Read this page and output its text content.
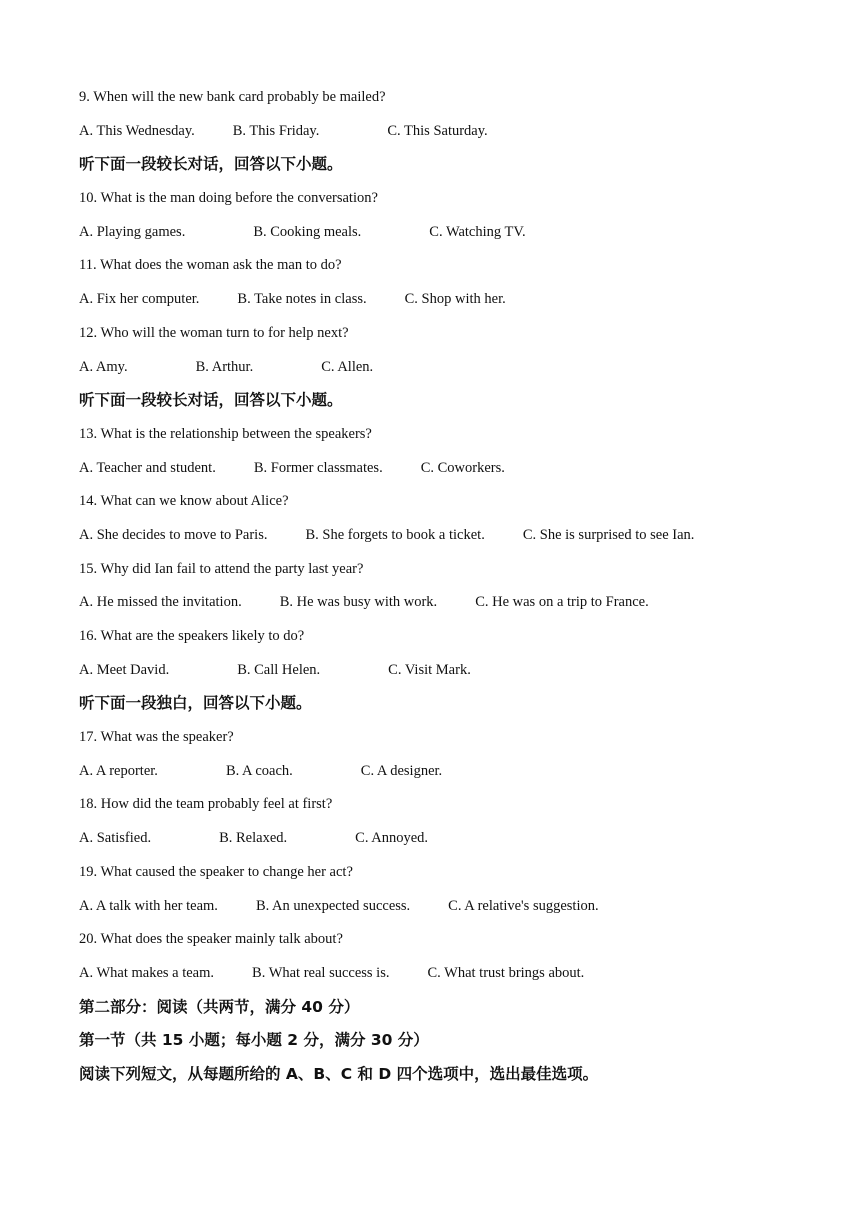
9. When will the new bank card probably be mailed?
A. This Wednesday.	B. This Friday.	C. This Saturday.
听下面一段较长对话，回答以下小题。
10. What is the man doing before the conversation?
A. Playing games.	B. Cooking meals.	C. Watching TV.
11. What does the woman ask the man to do?
A. Fix her computer.	B. Take notes in class.	C. Shop with her.
12. Who will the woman turn to for help next?
A. Amy.	B. Arthur.	C. Allen.
听下面一段较长对话，回答以下小题。
13. What is the relationship between the speakers?
A. Teacher and student.	B. Former classmates.	C. Coworkers.
14. What can we know about Alice?
A. She decides to move to Paris.	B. She forgets to book a ticket.	C. She is surprised to see Ian.
15. Why did Ian fail to attend the party last year?
A. He missed the invitation.	B. He was busy with work.	C. He was on a trip to France.
16. What are the speakers likely to do?
A. Meet David.	B. Call Helen.	C. Visit Mark.
听下面一段独白，回答以下小题。
17. What was the speaker?
A. A reporter.	B. A coach.	C. A designer.
18. How did the team probably feel at first?
A. Satisfied.	B. Relaxed.	C. Annoyed.
19. What caused the speaker to change her act?
A. A talk with her team.	B. An unexpected success.	C. A relative's suggestion.
20. What does the speaker mainly talk about?
A. What makes a team.	B. What real success is.	C. What trust brings about.
第二部分：阅读（共两节，满分 40 分）
第一节（共 15 小题；每小题 2 分，满分 30 分）
阅读下列短文，从每题所给的 A、B、C 和 D 四个选项中，选出最佳选项。
